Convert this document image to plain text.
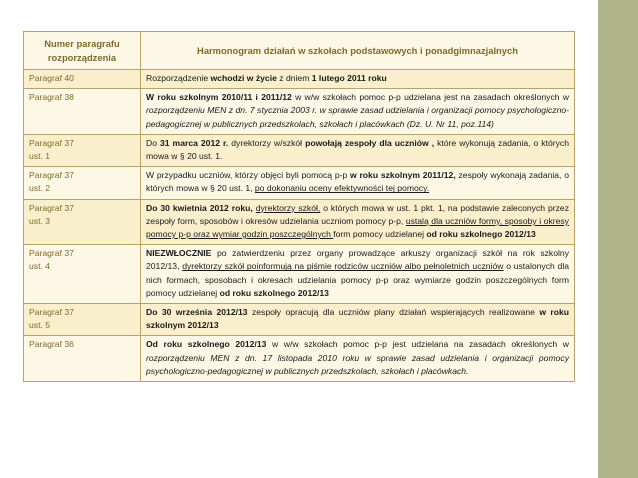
Numer paragrafu rozporządzenia	Harmonogram działań w szkołach podstawowych i ponadgimnazjalnych
Paragraf 40	Rozporządzenie wchodzi w życie z dniem 1 lutego 2011 roku
Paragraf 38	W roku szkolnym 2010/11 i 2011/12 w w/w szkołach pomoc p-p udzielana jest na zasadach określonych w rozporządzeniu MEN z dn. 7 stycznia 2003 r. w sprawie zasad udzielania i organizacji pomocy psychologiczno-pedagogicznej w publicznych przedszkolach, szkołach i placówkach (Dz. U. Nr 11, poz.114)
Paragraf 37
ust. 1	Do 31 marca 2012 r. dyrektorzy w/szkół powołają zespoły dla uczniów , które wykonują zadania, o których mowa w § 20 ust. 1.
Paragraf 37
ust. 2	W przypadku uczniów, którzy objęci byli pomocą p-p w roku szkolnym 2011/12, zespoły wykonają zadania, o których mowa w § 20 ust. 1, po dokonaniu oceny efektywności tej pomocy.
Paragraf 37
ust. 3	Do 30 kwietnia 2012 roku, dyrektorzy szkół, o których mowa w ust. 1 pkt. 1, na podstawie zaleconych przez zespoły form, sposobów i okresów udzielania uczniom pomocy p-p, ustalą dla uczniów formy, sposoby i okresy pomocy p-p oraz wymiar godzin poszczególnych form pomocy udzielanej od roku szkolnego 2012/13
Paragraf 37
ust. 4	NIEZWŁOCZNIE po zatwierdzeniu przez organy prowadzące arkuszy organizacji szkół na rok szkolny 2012/13, dyrektorzy szkół poinformują na piśmie rodziców uczniów albo pełnoletnich uczniów o ustalonych dla nich formach, sposobach i okresach udzielania pomocy p-p oraz wymiarze godzin poszczególnych form pomocy udzielanej od roku szkolnego 2012/13
Paragraf 37
ust. 5	Do 30 września 2012/13 zespoły opracują dla uczniów plany działań wspierających realizowane w roku szkolnym 2012/13
Paragraf 36	Od roku szkolnego 2012/13 w w/w szkołach pomoc p-p jest udzielana na zasadach określonych w rozporządzeniu MEN z dn. 17 listopada 2010 roku w sprawie zasad udzielania i organizacji pomocy psychologiczno-pedagogicznej w publicznych przedszkolach, szkołach i placówkach.
